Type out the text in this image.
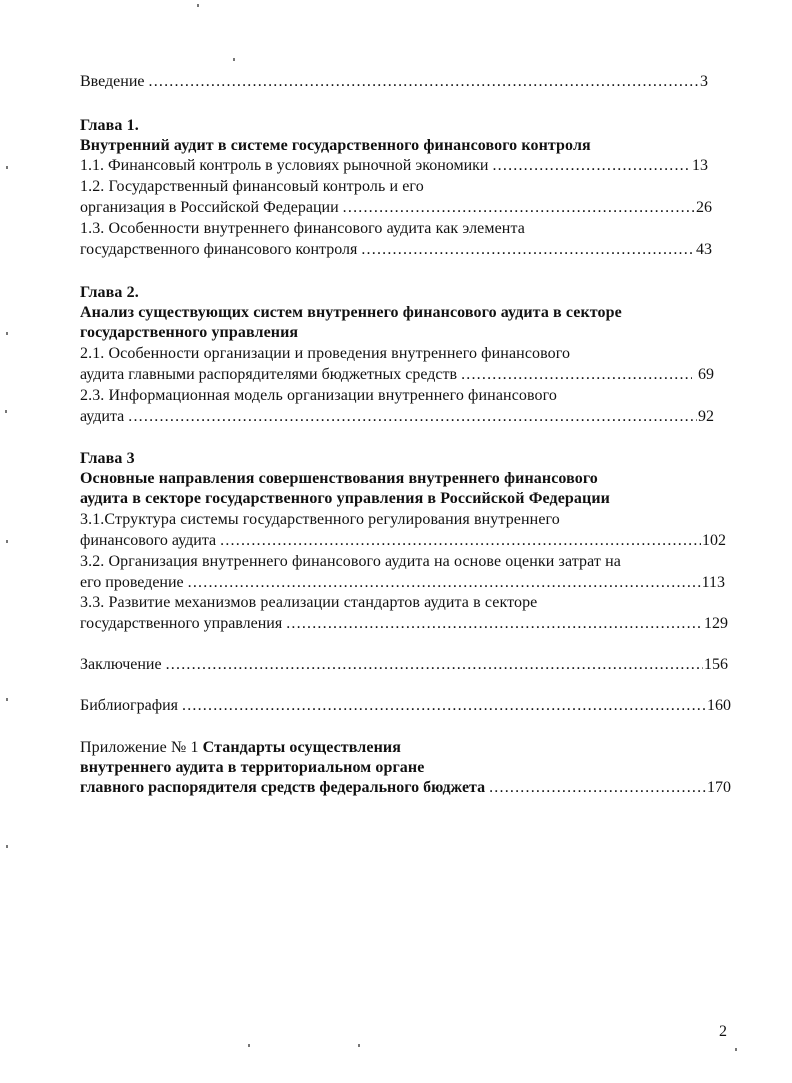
Введение .....	3
Глава 1.
Внутренний аудит в системе государственного финансового контроля
1.1. Финансовый контроль в условиях рыночной экономики .....	13
1.2. Государственный финансовый контроль и его
организация в Российской Федерации .....	26
1.3. Особенности внутреннего финансового аудита как элемента
государственного финансового контроля .....	43
Глава 2.
Анализ существующих систем внутреннего финансового аудита в секторе
государственного управления
2.1. Особенности организации и проведения внутреннего финансового
аудита главными распорядителями бюджетных средств .....	69
2.3. Информационная модель организации внутреннего финансового
аудита .....	92
Глава 3
Основные направления совершенствования внутреннего финансового
аудита в секторе государственного управления в Российской Федерации
3.1.Структура системы государственного регулирования внутреннего
финансового аудита .....	102
3.2. Организация внутреннего финансового аудита на основе оценки затрат на
его проведение .....	113
3.3. Развитие механизмов реализации стандартов аудита в секторе
государственного управления .....	129
Заключение .....	156
Библиография .....	160
Приложение № 1 Стандарты осуществления
внутреннего аудита в территориальном органе
главного распорядителя средств федерального бюджета .....	170
2
